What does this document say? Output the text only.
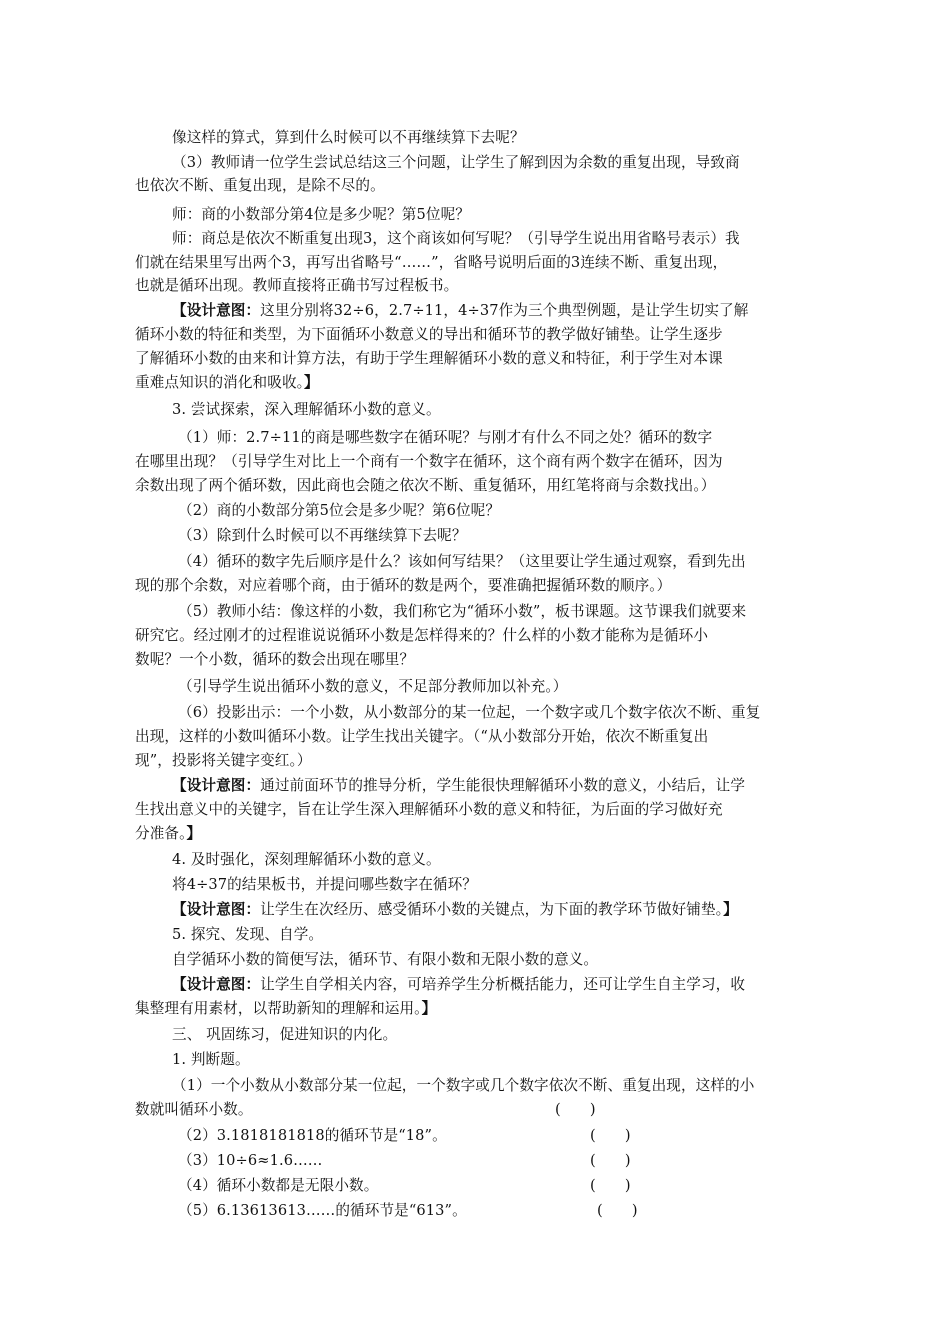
像这样的算式，算到什么时候可以不再继续算下去呢？
（3）教师请一位学生尝试总结这三个问题，让学生了解到因为余数的重复出现，导致商
也依次不断、重复出现，是除不尽的。
师：商的小数部分第4位是多少呢？第5位呢？
师：商总是依次不断重复出现3，这个商该如何写呢？（引导学生说出用省略号表示）我
们就在结果里写出两个3，再写出省略号“……”，省略号说明后面的3连续不断、重复出现，
也就是循环出现。教师直接将正确书写过程板书。
【设计意图：这里分别将32÷6，2.7÷11，4÷37作为三个典型例题，是让学生切实了解
循环小数的特征和类型，为下面循环小数意义的导出和循环节的教学做好铺垫。让学生逐步
了解循环小数的由来和计算方法，有助于学生理解循环小数的意义和特征，利于学生对本课
重难点知识的消化和吸收。】
3. 尝试探索，深入理解循环小数的意义。
（1）师：2.7÷11的商是哪些数字在循环呢？与刚才有什么不同之处？循环的数字
在哪里出现？（引导学生对比上一个商有一个数字在循环，这个商有两个数字在循环，因为
余数出现了两个循环数，因此商也会随之依次不断、重复循环，用红笔将商与余数找出。）
（2）商的小数部分第5位会是多少呢？第6位呢？
（3）除到什么时候可以不再继续算下去呢？
（4）循环的数字先后顺序是什么？该如何写结果？（这里要让学生通过观察，看到先出
现的那个余数，对应着哪个商，由于循环的数是两个，要准确把握循环数的顺序。）
（5）教师小结：像这样的小数，我们称它为“循环小数”，板书课题。这节课我们就要来
研究它。经过刚才的过程谁说说循环小数是怎样得来的？什么样的小数才能称为是循环小
数呢？一个小数，循环的数会出现在哪里？
（引导学生说出循环小数的意义，不足部分教师加以补充。）
（6）投影出示：一个小数，从小数部分的某一位起，一个数字或几个数字依次不断、重复
出现，这样的小数叫循环小数。让学生找出关键字。（“从小数部分开始，依次不断重复出
现”，投影将关键字变红。）
【设计意图：通过前面环节的推导分析，学生能很快理解循环小数的意义，小结后，让学
生找出意义中的关键字，旨在让学生深入理解循环小数的意义和特征，为后面的学习做好充
分准备。】
4. 及时强化，深刻理解循环小数的意义。
将4÷37的结果板书，并提问哪些数字在循环？
【设计意图：让学生在次经历、感受循环小数的关键点，为下面的教学环节做好铺垫。】
5. 探究、发现、自学。
自学循环小数的简便写法，循环节、有限小数和无限小数的意义。
【设计意图：让学生自学相关内容，可培养学生分析概括能力，还可让学生自主学习，收
集整理有用素材，以帮助新知的理解和运用。】
三、 巩固练习，促进知识的内化。
1. 判断题。
（1）一个小数从小数部分某一位起，一个数字或几个数字依次不断、重复出现，这样的小
数就叫循环小数。	(　　)
（2）3.1818181818的循环节是“18”。	(　　)
（3）10÷6≈1.6……	(　　)
（4）循环小数都是无限小数。	(　　)
（5）6.13613613……的循环节是“613”。	(　　)
